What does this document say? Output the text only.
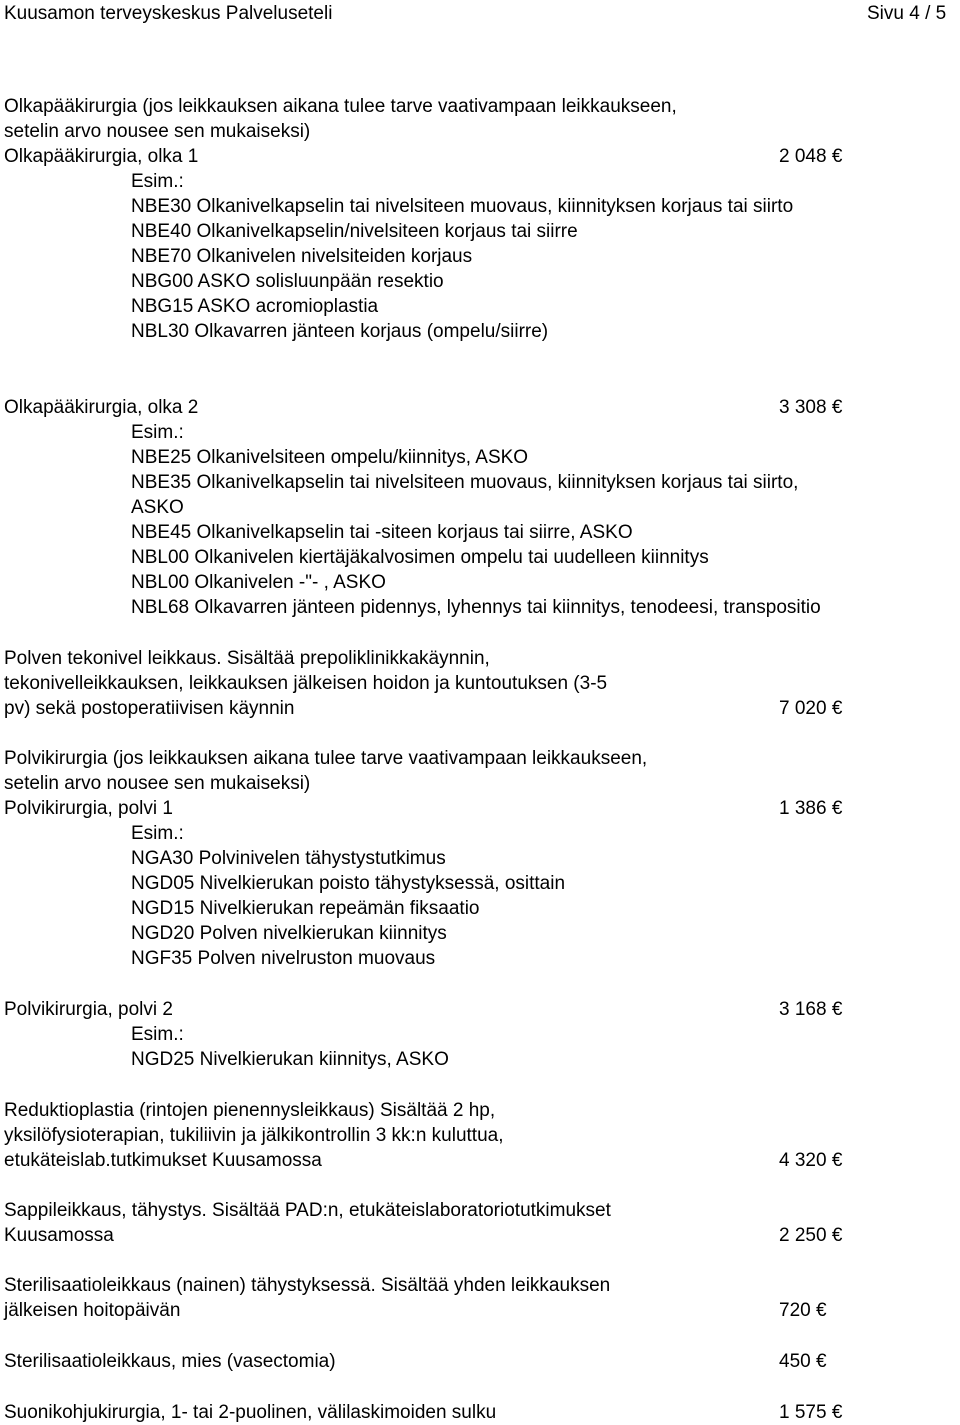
Kuusamon terveyskeskus Palveluseteli	Sivu 4 / 5
Olkapääkirurgia (jos leikkauksen aikana tulee tarve vaativampaan leikkaukseen,
setelin arvo nousee sen mukaiseksi)
Olkapääkirurgia, olka 1	2 048 €
Esim.:
NBE30 Olkanivelkapselin tai nivelsiteen muovaus, kiinnityksen korjaus tai siirto
NBE40 Olkanivelkapselin/nivelsiteen korjaus tai siirre
NBE70 Olkanivelen nivelsiteiden korjaus
NBG00 ASKO solisluunpään resektio
NBG15 ASKO acromioplastia
NBL30 Olkavarren jänteen korjaus (ompelu/siirre)
Olkapääkirurgia, olka 2	3 308 €
Esim.:
NBE25 Olkanivelsiteen ompelu/kiinnitys, ASKO
NBE35 Olkanivelkapselin tai nivelsiteen muovaus, kiinnityksen korjaus tai siirto,
ASKO
NBE45 Olkanivelkapselin tai -siteen korjaus tai siirre, ASKO
NBL00 Olkanivelen kiertäjäkalvosimen ompelu tai uudelleen kiinnitys
NBL00 Olkanivelen -"- , ASKO
NBL68 Olkavarren jänteen pidennys, lyhennys tai kiinnitys, tenodeesi, transpositio
Polven tekonivel leikkaus. Sisältää prepoliklinikkakäynnin,
tekonivelleikkauksen, leikkauksen jälkeisen hoidon ja kuntoutuksen (3-5
pv) sekä postoperatiivisen käynnin	7 020 €
Polvikirurgia (jos leikkauksen aikana tulee tarve vaativampaan leikkaukseen,
setelin arvo nousee sen mukaiseksi)
Polvikirurgia, polvi 1	1 386 €
Esim.:
NGA30 Polvinivelen tähystystutkimus
NGD05 Nivelkierukan poisto tähystyksessä, osittain
NGD15 Nivelkierukan repeämän fiksaatio
NGD20 Polven nivelkierukan kiinnitys
NGF35 Polven nivelruston muovaus
Polvikirurgia, polvi 2	3 168 €
Esim.:
NGD25 Nivelkierukan kiinnitys, ASKO
Reduktioplastia (rintojen pienennysleikkaus) Sisältää 2 hp,
yksilöfysioterapian, tukiliivin ja jälkikontrollin 3 kk:n kuluttua,
etukäteislab.tutkimukset Kuusamossa	4 320 €
Sappileikkaus, tähystys. Sisältää PAD:n, etukäteislaboratoriotutkimukset
Kuusamossa	2 250 €
Sterilisaatioleikkaus (nainen) tähystyksessä. Sisältää yhden leikkauksen
jälkeisen hoitopäivän	720 €
Sterilisaatioleikkaus, mies (vasectomia)	450 €
Suonikohjukirurgia, 1- tai 2-puolinen, välilaskimoiden sulku	1 575 €
